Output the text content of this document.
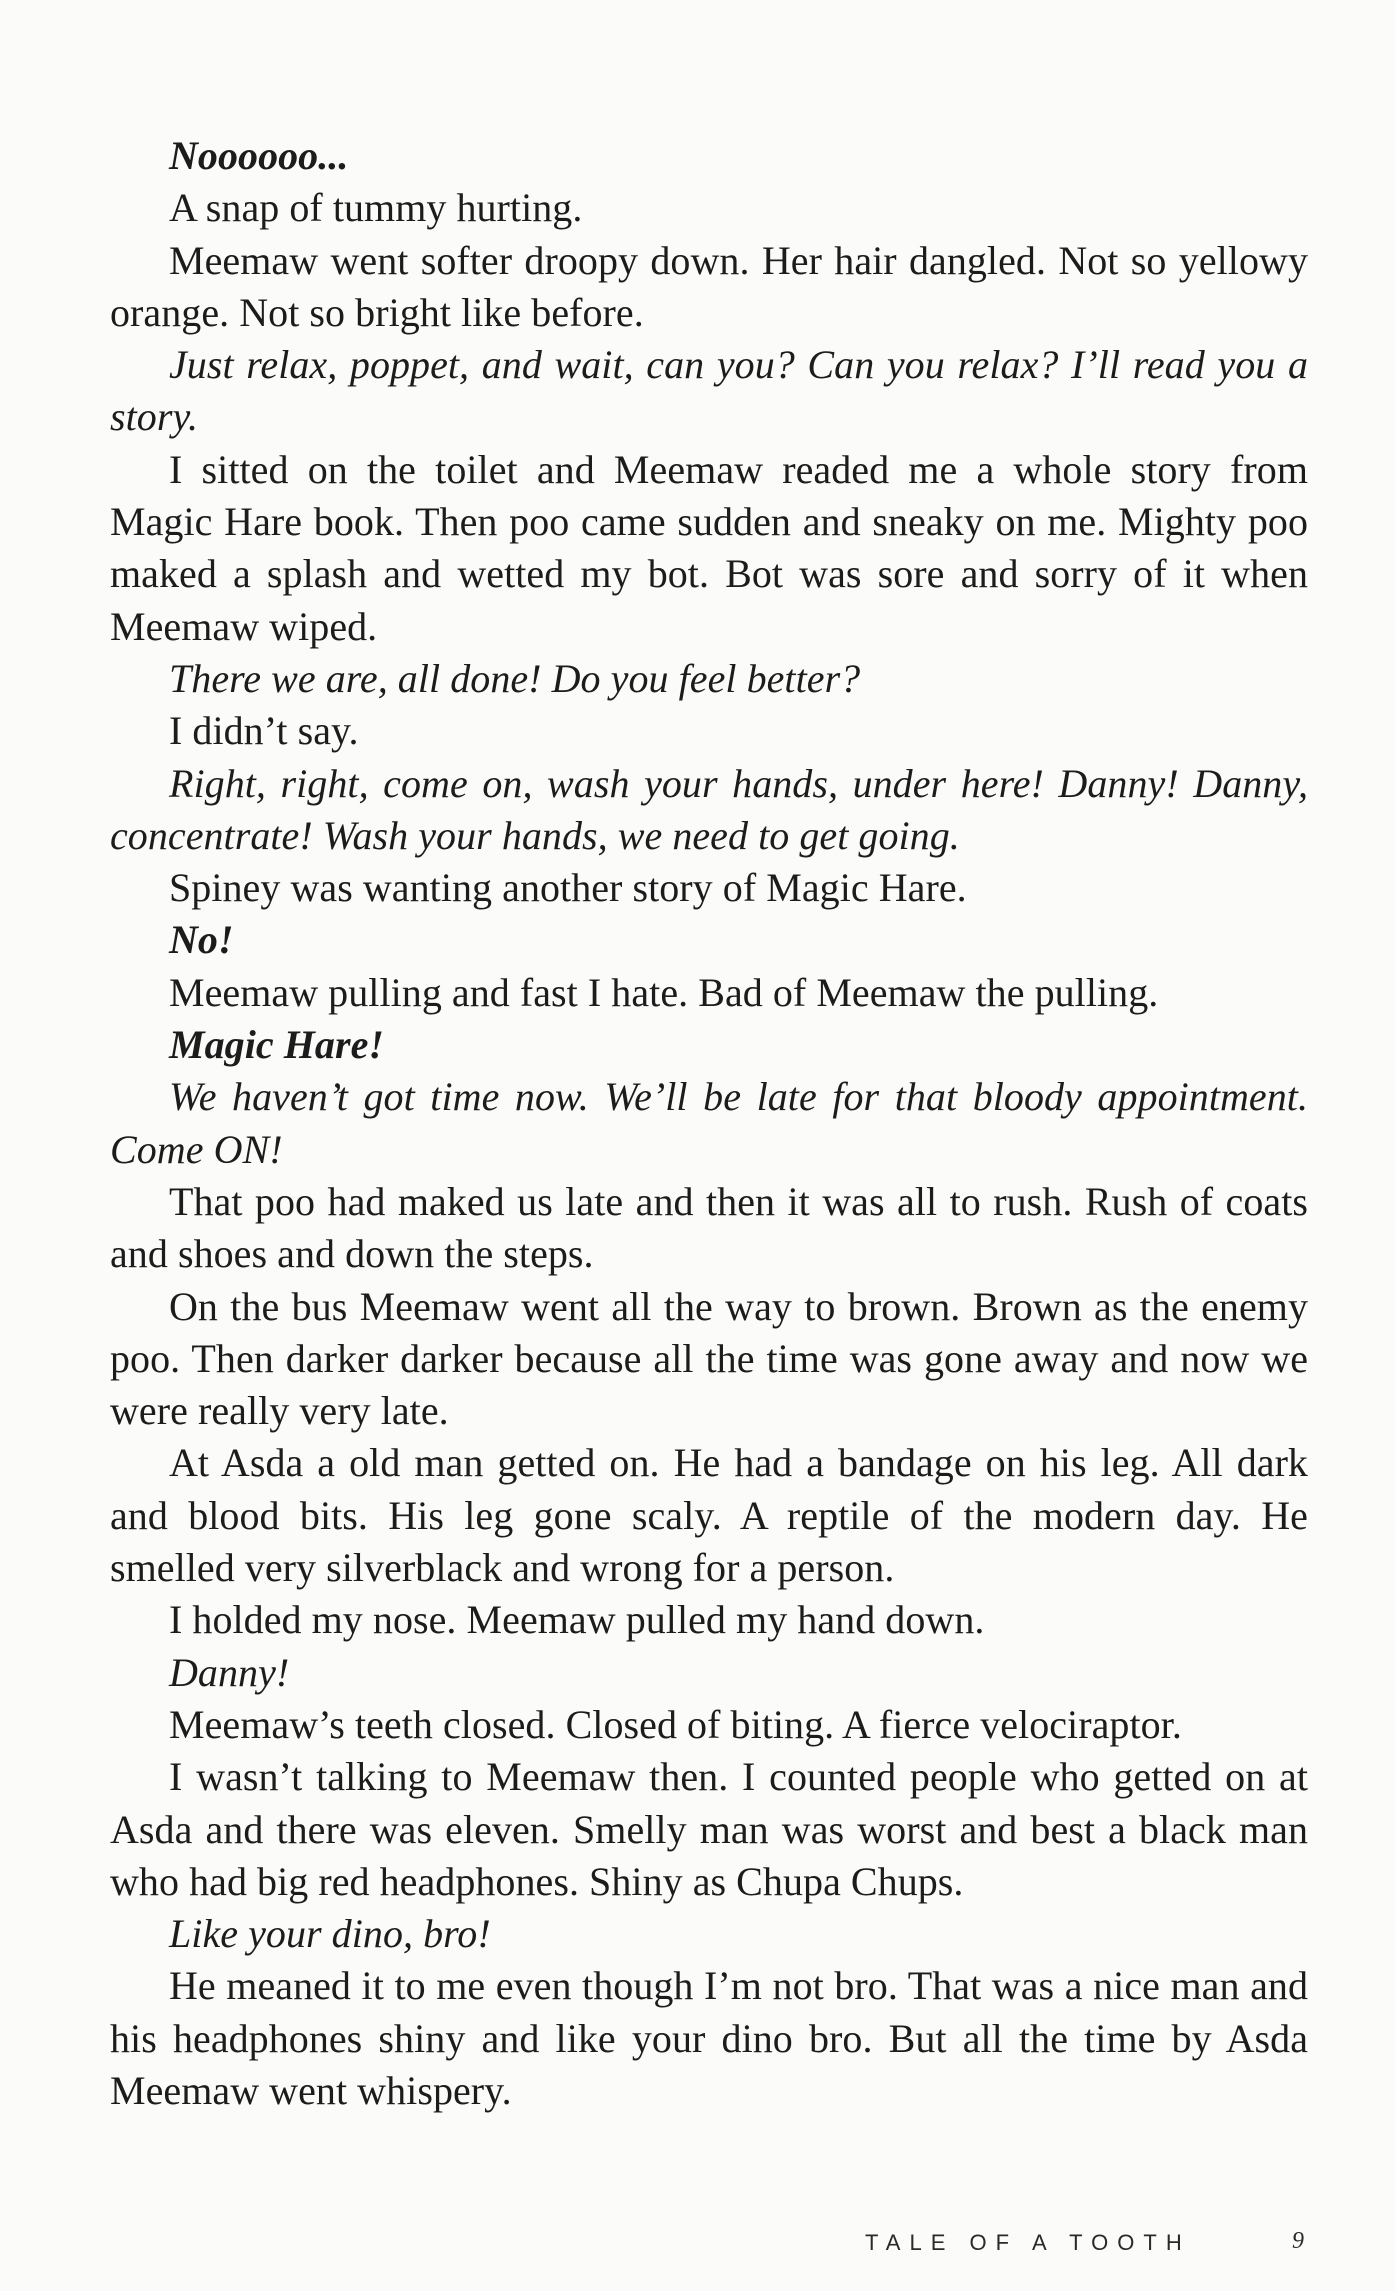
Noooooo...

A snap of tummy hurting.

Meemaw went softer droopy down. Her hair dangled. Not so yellowy orange. Not so bright like before.

Just relax, poppet, and wait, can you? Can you relax? I’ll read you a story.

I sitted on the toilet and Meemaw readed me a whole story from Magic Hare book. Then poo came sudden and sneaky on me. Mighty poo maked a splash and wetted my bot. Bot was sore and sorry of it when Meemaw wiped.

There we are, all done! Do you feel better?

I didn’t say.

Right, right, come on, wash your hands, under here! Danny! Danny, concentrate! Wash your hands, we need to get going.

Spiney was wanting another story of Magic Hare.

No!

Meemaw pulling and fast I hate. Bad of Meemaw the pulling.

Magic Hare!

We haven’t got time now. We’ll be late for that bloody appointment. Come ON!

That poo had maked us late and then it was all to rush. Rush of coats and shoes and down the steps.

On the bus Meemaw went all the way to brown. Brown as the enemy poo. Then darker darker because all the time was gone away and now we were really very late.

At Asda a old man getted on. He had a bandage on his leg. All dark and blood bits. His leg gone scaly. A reptile of the modern day. He smelled very silverblack and wrong for a person.

I holded my nose. Meemaw pulled my hand down.

Danny!

Meemaw’s teeth closed. Closed of biting. A fierce velociraptor.

I wasn’t talking to Meemaw then. I counted people who getted on at Asda and there was eleven. Smelly man was worst and best a black man who had big red headphones. Shiny as Chupa Chups.

Like your dino, bro!

He meaned it to me even though I’m not bro. That was a nice man and his headphones shiny and like your dino bro. But all the time by Asda Meemaw went whispery.

TALE OF A TOOTH	9
